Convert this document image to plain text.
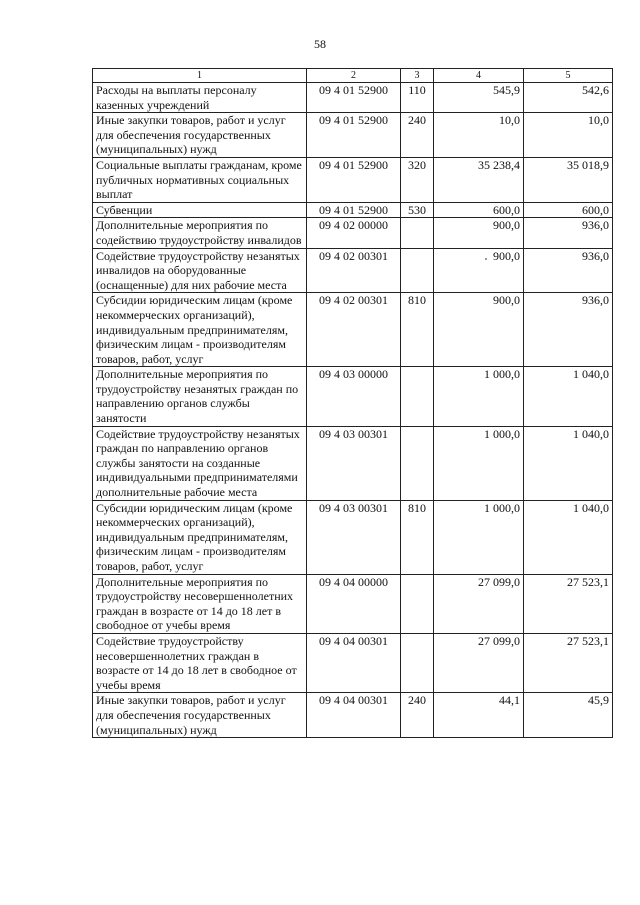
58
1	2	3	4	5
Расходы на выплаты персоналу казенных учреждений	09 4 01 52900	110	545,9	542,6
Иные закупки товаров, работ и услуг для обеспечения государственных (муниципальных) нужд	09 4 01 52900	240	10,0	10,0
Социальные выплаты гражданам, кроме публичных нормативных социальных выплат	09 4 01 52900	320	35 238,4	35 018,9
Субвенции	09 4 01 52900	530	600,0	600,0
Дополнительные мероприятия по содействию трудоустройству инвалидов	09 4 02 00000		900,0	936,0
Содействие трудоустройству незанятых инвалидов на оборудованные (оснащенные) для них рабочие места	09 4 02 00301		900,0	936,0
Субсидии юридическим лицам (кроме некоммерческих организаций), индивидуальным предпринимателям, физическим лицам - производителям товаров, работ, услуг	09 4 02 00301	810	900,0	936,0
Дополнительные мероприятия по трудоустройству незанятых граждан по направлению органов службы занятости	09 4 03 00000		1 000,0	1 040,0
Содействие трудоустройству незанятых граждан по направлению органов службы занятости на созданные индивидуальными предпринимателями дополнительные рабочие места	09 4 03 00301		1 000,0	1 040,0
Субсидии юридическим лицам (кроме некоммерческих организаций), индивидуальным предпринимателям, физическим лицам - производителям товаров, работ, услуг	09 4 03 00301	810	1 000,0	1 040,0
Дополнительные мероприятия по трудоустройству несовершеннолетних граждан в возрасте от 14 до 18 лет в свободное от учебы время	09 4 04 00000		27 099,0	27 523,1
Содействие трудоустройству несовершеннолетних граждан в возрасте от 14 до 18 лет в свободное от учебы время	09 4 04 00301		27 099,0	27 523,1
Иные закупки товаров, работ и услуг для обеспечения государственных (муниципальных) нужд	09 4 04 00301	240	44,1	45,9
